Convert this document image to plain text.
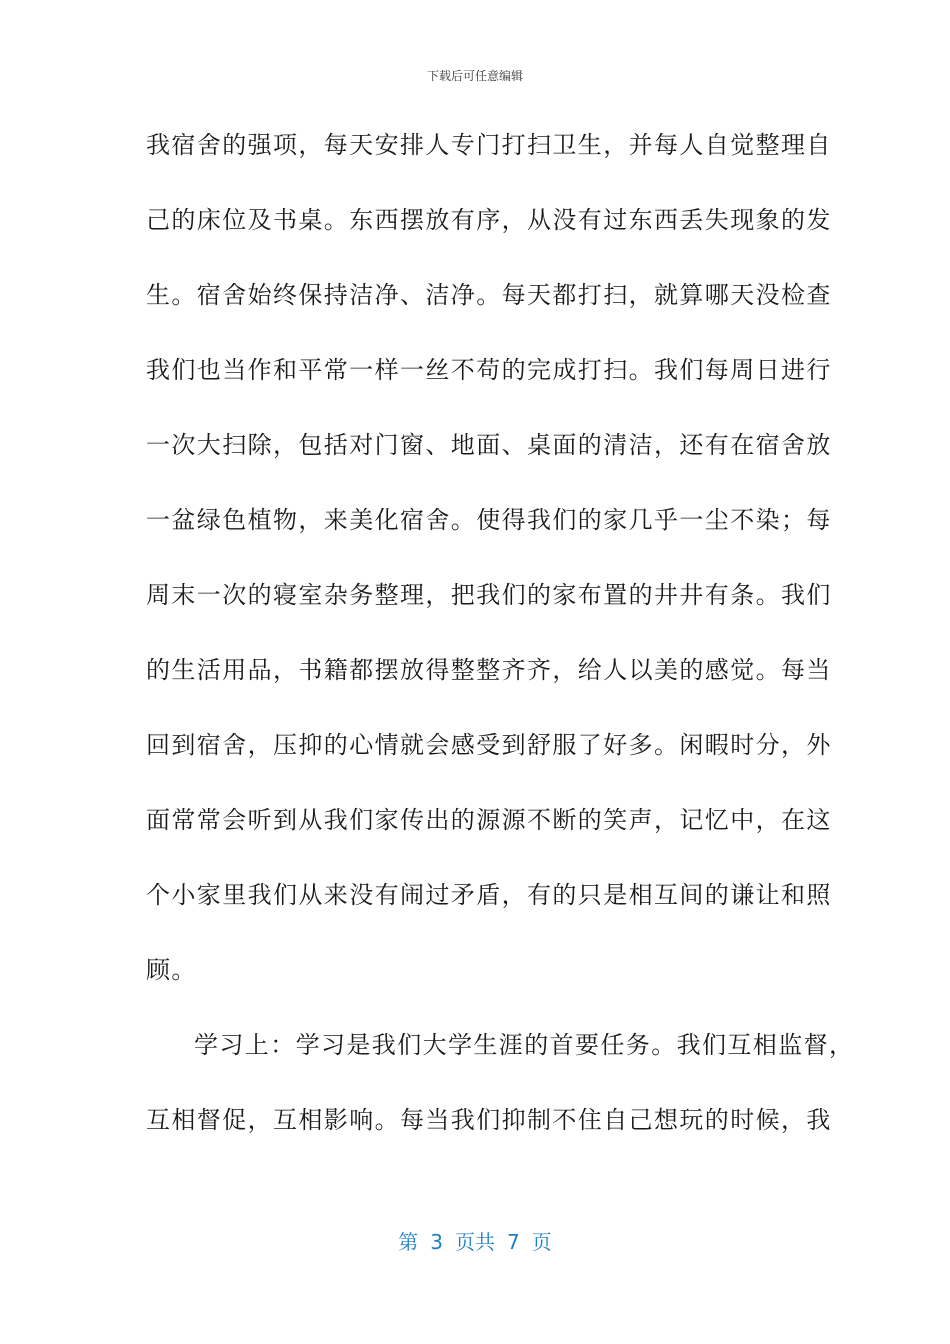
下载后可任意编辑
我宿舍的强项，每天安排人专门打扫卫生，并每人自觉整理自
己的床位及书桌。东西摆放有序，从没有过东西丢失现象的发
生。宿舍始终保持洁净、洁净。每天都打扫，就算哪天没检查
我们也当作和平常一样一丝不苟的完成打扫。我们每周日进行
一次大扫除，包括对门窗、地面、桌面的清洁，还有在宿舍放
一盆绿色植物，来美化宿舍。使得我们的家几乎一尘不染；每
周末一次的寝室杂务整理，把我们的家布置的井井有条。我们
的生活用品，书籍都摆放得整整齐齐，给人以美的感觉。每当
回到宿舍，压抑的心情就会感受到舒服了好多。闲暇时分，外
面常常会听到从我们家传出的源源不断的笑声，记忆中，在这
个小家里我们从来没有闹过矛盾，有的只是相互间的谦让和照
顾。
学习上：学习是我们大学生涯的首要任务。我们互相监督，
互相督促，互相影响。每当我们抑制不住自己想玩的时候，我
第 3 页共 7 页
